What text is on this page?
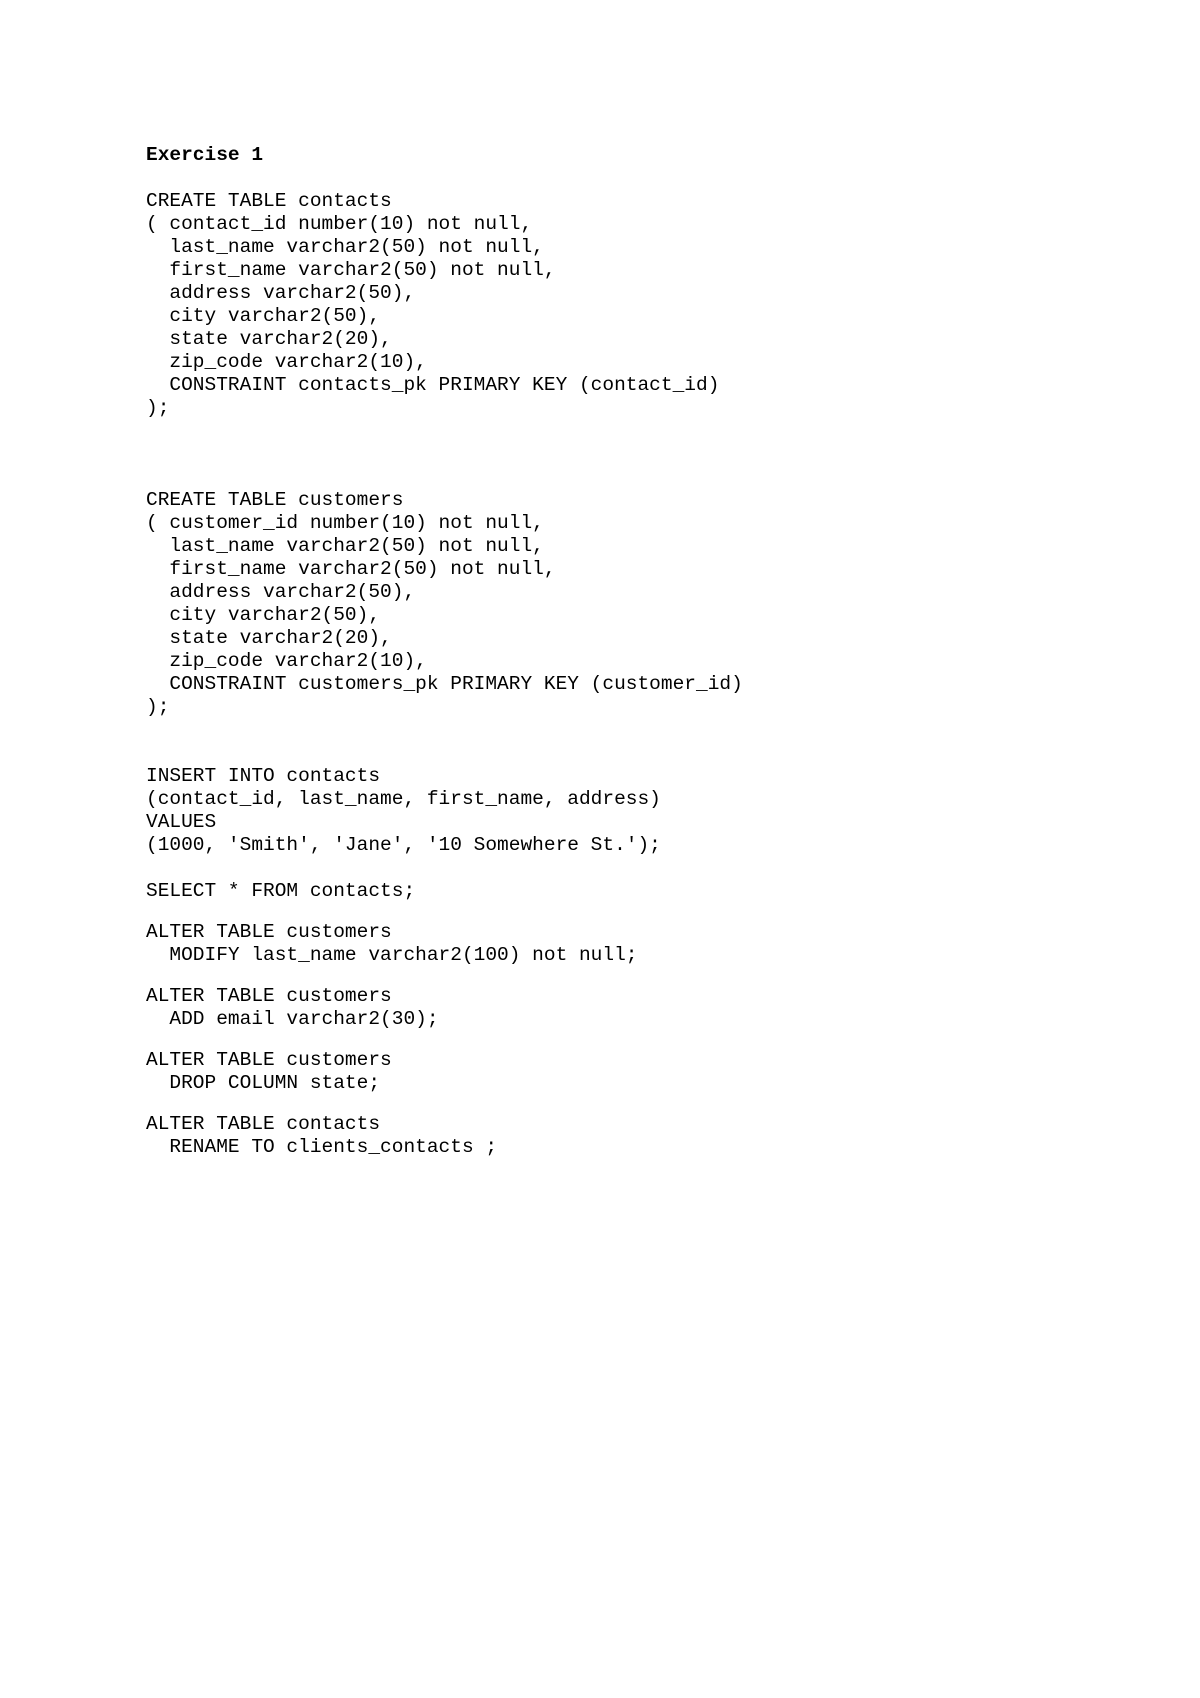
Exercise 1
CREATE TABLE contacts
( contact_id number(10) not null,
last_name varchar2(50) not null,
first_name varchar2(50) not null,
address varchar2(50),
city varchar2(50),
state varchar2(20),
zip_code varchar2(10),
CONSTRAINT contacts_pk PRIMARY KEY (contact_id)
);
CREATE TABLE customers
( customer_id number(10) not null,
last_name varchar2(50) not null,
first_name varchar2(50) not null,
address varchar2(50),
city varchar2(50),
state varchar2(20),
zip_code varchar2(10),
CONSTRAINT customers_pk PRIMARY KEY (customer_id)
);
INSERT INTO contacts
(contact_id, last_name, first_name, address)
VALUES
(1000, 'Smith', 'Jane', '10 Somewhere St.');
SELECT * FROM contacts;
ALTER TABLE customers
MODIFY last_name varchar2(100) not null;
ALTER TABLE customers
ADD email varchar2(30);
ALTER TABLE customers
DROP COLUMN state;
ALTER TABLE contacts
RENAME TO clients_contacts ;
